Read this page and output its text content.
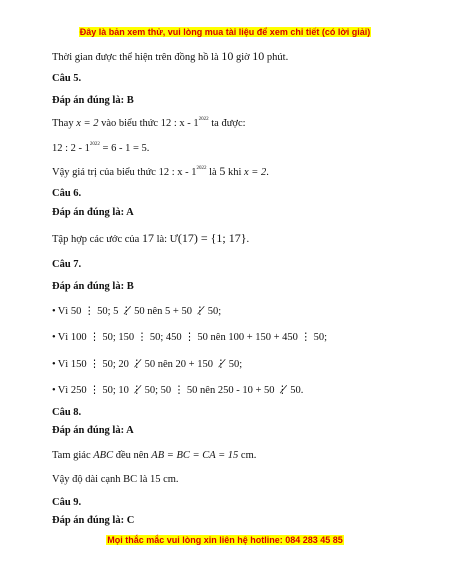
Đây là bản xem thử, vui lòng mua tài liệu để xem chi tiết (có lời giải)
Thời gian được thể hiện trên đồng hồ là 10 giờ 10 phút.
Câu 5.
Đáp án đúng là: B
Thay x = 2 vào biểu thức 12 : x - $1^{2022}$ ta được:
12 : $2 - 1^{2022} = 6 - 1 = 5$.
Vậy giá trị của biểu thức 12 : x - $1^{2022}$ là 5 khi x = 2.
Câu 6.
Đáp án đúng là: A
Tập hợp các ước của 17 là: Ư(17) = {1; 17}.
Câu 7.
Đáp án đúng là: B
• Vì 50 ⋮ 50; 5 ⋮̸ 50 nên 5 + 50 ⋮̸ 50;
• Vì 100 ⋮ 50; 150 ⋮ 50; 450 ⋮ 50 nên 100 + 150 + 450 ⋮ 50;
• Vì 150 ⋮ 50; 20 ⋮̸ 50 nên 20 + 150 ⋮̸ 50;
• Vì 250 ⋮ 50; 10 ⋮̸ 50; 50 ⋮ 50 nên 250 - 10 + 50 ⋮̸ 50.
Câu 8.
Đáp án đúng là: A
Tam giác ABC đều nên AB = BC = CA = 15 cm.
Vậy độ dài cạnh BC là 15 cm.
Câu 9.
Đáp án đúng là: C
Mọi thắc mắc vui lòng xin liên hệ hotline: 084 283 45 85
